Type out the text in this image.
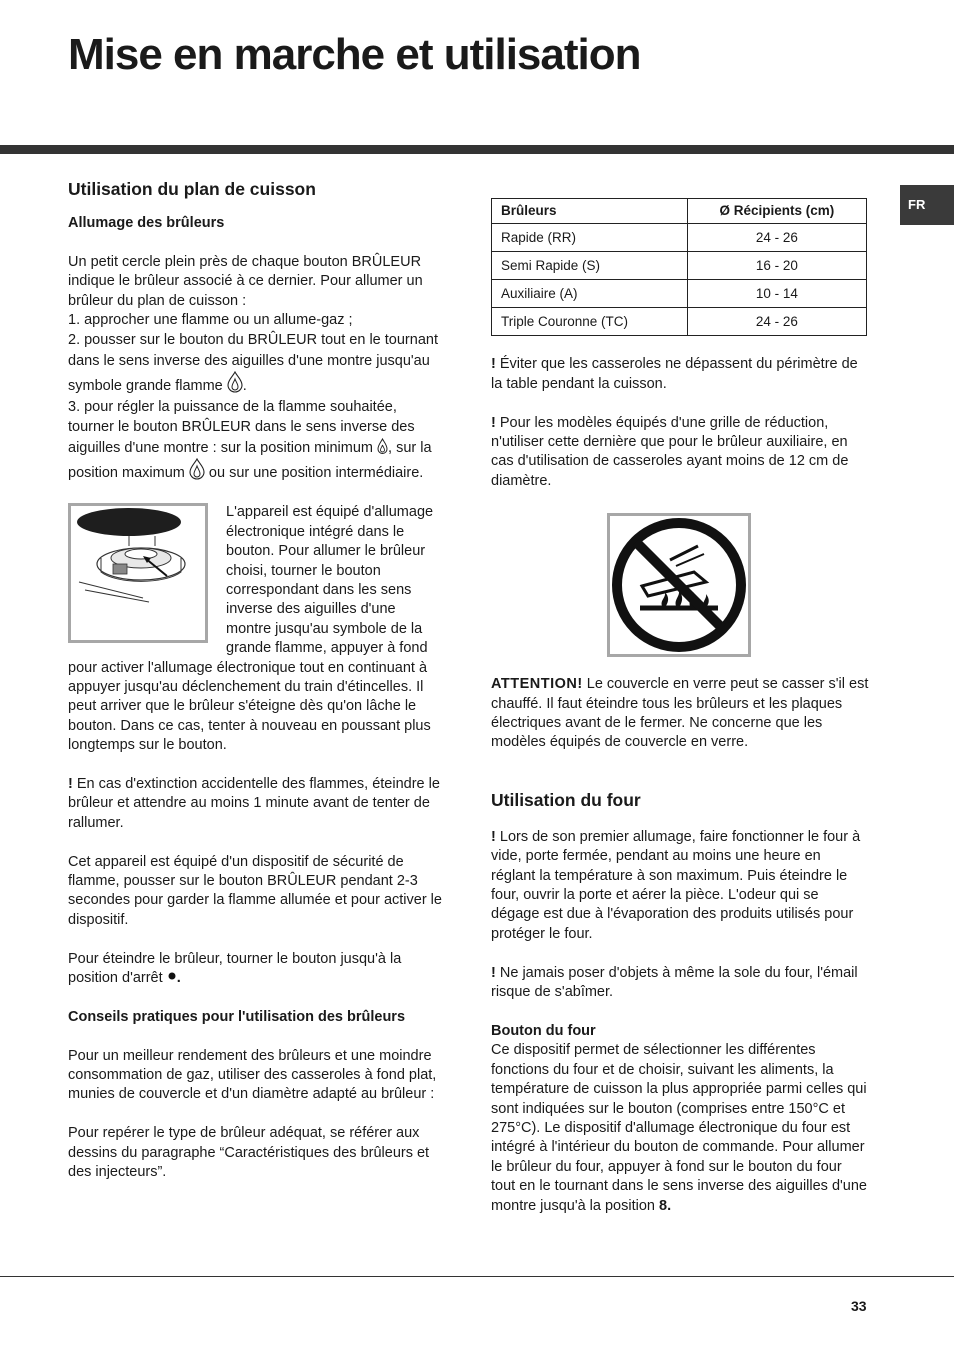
Mise en marche et utilisation
FR
Utilisation du plan de cuisson
Allumage des brûleurs

Un petit cercle plein près de chaque bouton BRÛLEUR indique le brûleur associé à ce dernier. Pour allumer un brûleur du plan de cuisson :

1. approcher une flamme ou un allume-gaz ;

2. pousser sur le bouton du BRÛLEUR tout en le tournant dans le sens inverse des aiguilles d'une montre jusqu'au symbole grande flamme .

3. pour régler la puissance de la flamme souhaitée, tourner le bouton BRÛLEUR dans le sens inverse des aiguilles d'une montre : sur la position minimum , sur la position maximum ou sur une position intermédiaire.

L'appareil est équipé d'allumage électronique intégré dans le bouton. Pour allumer le brûleur choisi, tourner le bouton correspondant dans les sens inverse des aiguilles d'une montre jusqu'au symbole de la grande flamme, appuyer à fond pour activer l'allumage électronique tout en continuant à appuyer jusqu'au déclenchement du train d'étincelles. Il peut arriver que le brûleur s'éteigne dès qu'on lâche le bouton. Dans ce cas, tenter à nouveau en poussant plus longtemps sur le bouton.

! En cas d'extinction accidentelle des flammes, éteindre le brûleur et attendre au moins 1 minute avant de tenter de rallumer.

Cet appareil est équipé d'un dispositif de sécurité de flamme, pousser sur le bouton BRÛLEUR pendant 2-3 secondes pour garder la flamme allumée et pour activer le dispositif.

Pour éteindre le brûleur, tourner le bouton jusqu'à la position d'arrêt .

Conseils pratiques pour l'utilisation des brûleurs

Pour un meilleur rendement des brûleurs et une moindre consommation de gaz, utiliser des casseroles à fond plat, munies de couvercle et d'un diamètre adapté au brûleur :

Pour repérer le type de brûleur adéquat, se référer aux dessins du paragraphe “Caractéristiques des brûleurs et des injecteurs”.

Brûleurs	Ø Récipients (cm)
Rapide (RR)	24 - 26
Semi Rapide (S)	16 - 20
Auxiliaire (A)	10 - 14
Triple Couronne (TC)	24 - 26

! Éviter que les casseroles ne dépassent du périmètre de la table pendant la cuisson.

! Pour les modèles équipés d'une grille de réduction, n'utiliser cette dernière que pour le brûleur auxiliaire, en cas d'utilisation de casseroles ayant moins de 12 cm de diamètre.

ATTENTION! Le couvercle en verre peut se casser s'il est chauffé. Il faut éteindre tous les brûleurs et les plaques électriques avant de le fermer. Ne concerne que les modèles équipés de couvercle en verre.

Utilisation du four

! Lors de son premier allumage, faire fonctionner le four à vide, porte fermée, pendant au moins une heure en réglant la température à son maximum. Puis éteindre le four, ouvrir la porte et aérer la pièce. L'odeur qui se dégage est due à l'évaporation des produits utilisés pour protéger le four.

! Ne jamais poser d'objets à même la sole du four, l'émail risque de s'abîmer.

Bouton du four

Ce dispositif permet de sélectionner les différentes fonctions du four et de choisir, suivant les aliments, la température de cuisson la plus appropriée parmi celles qui sont indiquées sur le bouton (comprises entre 150°C et 275°C). Le dispositif d'allumage électronique du four est intégré à l'intérieur du bouton de commande. Pour allumer le brûleur du four, appuyer à fond sur le bouton du four tout en le tournant dans le sens inverse des aiguilles d'une montre jusqu'à la position 8.

33
